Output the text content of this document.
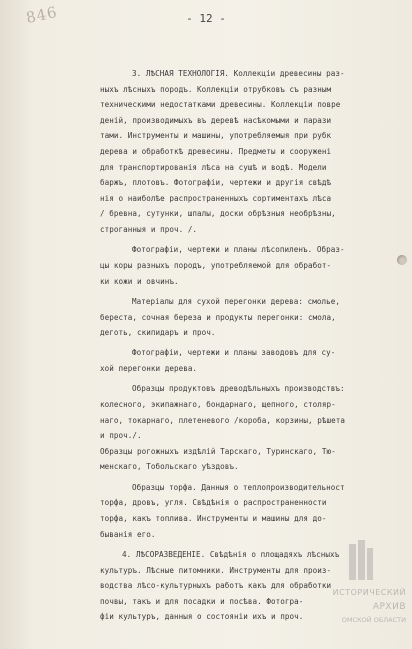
846	- 12 -
3. ЛѢСНАЯ ТЕХНОЛОГІЯ. Коллекціи древесины раз-
ныхъ лѣсныхъ породъ. Коллекціи отрубковъ съ разным
техническими недостатками древесины. Коллекціи повре
деній, производимыхъ въ деревѣ насѣкомыми и парази
тами. Инструменты и машины, употребляемыя при рубк
дерева и обработкѣ древесины. Предметы и сооружені
для транспортированія лѣса на сушѣ и водѣ. Модели
баржъ, плотовъ. Фотографіи, чертежи и другія свѣдѣ
нія о наиболѣе распространенныхъ сортиментахъ лѣса
/ бревна, сутунки, шпалы, доски обрѣзныя необрѣзны,
строганныя и проч. /.
Фотографіи, чертежи и планы лѣсопиленъ. Образ-
цы коры разныхъ породъ, употребляемой для обработ-
ки кожи и овчинъ.
Матеріалы для сухой перегонки дерева: смолье,
береста, сочная береза и продукты перегонки: смола,
деготь, скипидаръ и проч.
Фотографіи, чертежи и планы заводовъ для су-
хой перегонки дерева.
Образцы продуктовъ древодѣльныхъ производствъ:
колесного, экипажнаго, бондарнаго, щепного, столяр-
наго, токарнаго, плетеневого /короба, корзины, рѣшета
и проч./.
Образцы рогожныхъ издѣлій Тарскаго, Туринскаго, Тю-
менскаго, Тобольскаго уѣздовъ.
Образцы торфа. Данныя о теплопроизводительност
торфа, дровъ, угля. Свѣдѣнія о распространенности
торфа, какъ топлива. Инструменты и машины для до-
быванія его.
4. ЛѢСОРАЗВЕДЕНІЕ. Свѣдѣнія о площадяхъ лѣсныхъ
культуръ. Лѣсные питомники. Инструменты для произ-
водства лѣсо-культурныхъ работъ какъ для обработки
почвы, такъ и для посадки и посѣва. Фотогра-
фіи культуръ, данныя о состояніи ихъ и проч.
ИСТОРИЧЕСКИЙ
АРХИВ
ОМСКОЙ ОБЛАСТИ
